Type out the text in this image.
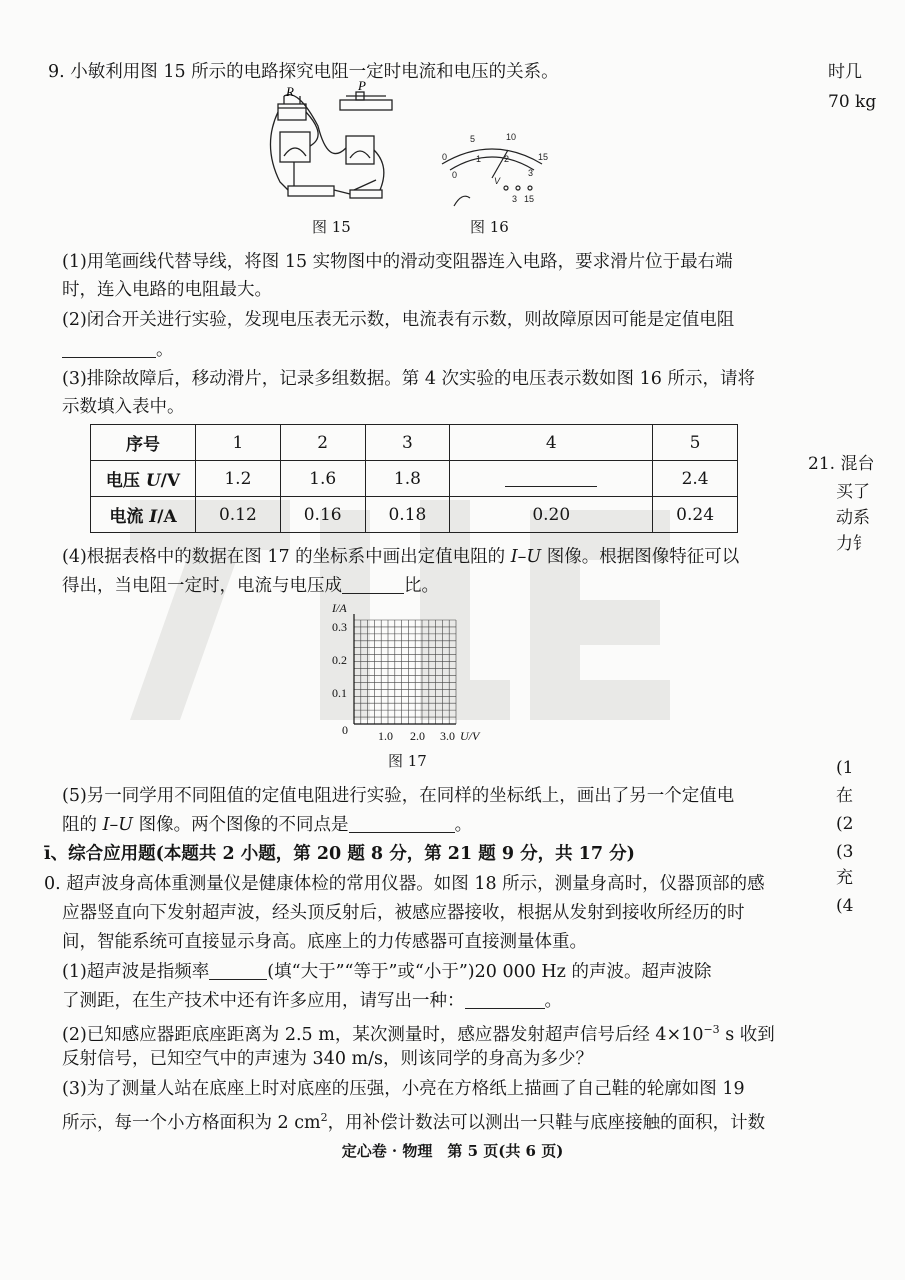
9. 小敏利用图 15 所示的电路探究电阻一定时电流和电压的关系。
R	P
图 15
0
5	10
15
0
1	2
3
V
3 15
图 16
(1)用笔画线代替导线，将图 15 实物图中的滑动变阻器连入电路，要求滑片位于最右端
时，连入电路的电阻最大。
(2)闭合开关进行实验，发现电压表无示数，电流表有示数，则故障原因可能是定值电阻
。
(3)排除故障后，移动滑片，记录多组数据。第 4 次实验的电压表示数如图 16 所示，请将
示数填入表中。
序号	1	2	3	4	5
电压 U/V	1.2	1.6	1.8		2.4
电流 I/A	0.12	0.16	0.18	0.20	0.24
(4)根据表格中的数据在图 17 的坐标系中画出定值电阻的 I–U 图像。根据图像特征可以
得出，当电阻一定时，电流与电压成	比。
I/A
0.3
0.2
0.1
0	1.0 2.0 3.0 U/V
图 17
(5)另一同学用不同阻值的定值电阻进行实验，在同样的坐标纸上，画出了另一个定值电
阻的 I–U 图像。两个图像的不同点是	。
ī、综合应用题(本题共 2 小题，第 20 题 8 分，第 21 题 9 分，共 17 分)
0. 超声波身高体重测量仪是健康体检的常用仪器。如图 18 所示，测量身高时，仪器顶部的感
应器竖直向下发射超声波，经头顶反射后，被感应器接收，根据从发射到接收所经历的时
间，智能系统可直接显示身高。底座上的力传感器可直接测量体重。
(1)超声波是指频率	(填“大于”“等于”或“小于”)20 000 Hz 的声波。超声波除
了测距，在生产技术中还有许多应用，请写出一种：	。
(2)已知感应器距底座距离为 2.5 m，某次测量时，感应器发射超声信号后经 $4\times 10^{-3}$ s 收到
反射信号，已知空气中的声速为 340 m/s，则该同学的身高为多少？
(3)为了测量人站在底座上时对底座的压强，小亮在方格纸上描画了自己鞋的轮廓如图 19
所示，每一个小方格面积为 2 $cm^2$，用补偿计数法可以测出一只鞋与底座接触的面积，计数
时几
70 kg
21. 混台
买了
动系
力钅
(1
在
(2
(3
充
(4
定心卷 · 物理　第 5 页(共 6 页)
